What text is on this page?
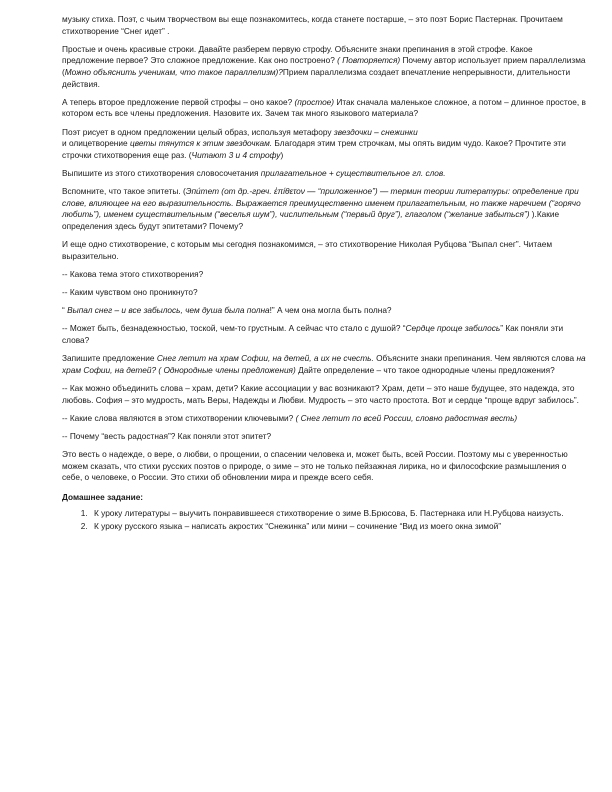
музыку стиха. Поэт, с чьим творчеством вы еще познакомитесь, когда станете постарше, – это поэт Борис Пастернак. Прочитаем стихотворение “Снег идет” .

Простые и очень красивые строки. Давайте разберем первую строфу. Объясните знаки препинания в этой строфе. Какое предложение первое? Это сложное предложение. Как оно построено? ( Повторяется) Почему автор использует прием параллелизма (Можно объяснить ученикам, что такое параллелизм)?Прием параллелизма создает впечатление непрерывности, длительности действия.

А теперь второе предложение первой строфы – оно какое? (простое) Итак сначала маленькое сложное, а потом – длинное простое, в котором есть все члены предложения. Назовите их. Зачем так много языкового материала?

Поэт рисует в одном предложении целый образ, используя метафору звездочки – снежинки
и олицетворение цветы тянутся к этим звездочкам. Благодаря этим трем строчкам, мы опять видим чудо. Какое? Прочтите эти строчки стихотворения еще раз. (Читают 3 и 4 строфу)

Выпишите из этого стихотворения словосочетания прилагательное + существительное гл. слов.

Вспомните, что такое эпитеты. (Эпи́тет (от др.-греч. ἐπίθετον — “приложенное”) — термин теории литературы: определение при слове, влияющее на его выразительность. Выражается преимущественно именем прилагательным, но также наречием (“горячо любить”), именем существительным (“веселья шум”), числительным (“первый друг”), глаголом (“желание забыться”) ).Какие определения здесь будут эпитетами? Почему?

И еще одно стихотворение, с которым мы сегодня познакомимся, – это стихотворение Николая Рубцова “Выпал снег”. Читаем выразительно.

-- Какова тема этого стихотворения?

-- Каким чувством оно проникнуто?

“ Выпал снег – и все забылось, чем душа была полна!” А чем она могла быть полна?

-- Может быть, безнадежностью, тоской, чем-то грустным. А сейчас что стало с душой? “Сердце проще забилось” Как поняли эти слова?

Запишите предложение Снег летит на храм Софии, на детей, а их не счесть. Объясните знаки препинания. Чем являются слова на храм Софии, на детей? ( Однородные члены предложения) Дайте определение – что такое однородные члены предложения?

-- Как можно объединить слова – храм, дети? Какие ассоциации у вас возникают? Храм, дети – это наше будущее, это надежда, это любовь. София – это мудрость, мать Веры, Надежды и Любви. Мудрость – это часто простота. Вот и сердце “проще вдруг забилось”.

-- Какие слова являются в этом стихотворении ключевыми? ( Снег летит по всей России, словно радостная весть)

-- Почему “весть радостная”? Как поняли этот эпитет?

Это весть о надежде, о вере, о любви, о прощении, о спасении человека и, может быть, всей России. Поэтому мы с уверенностью можем сказать, что стихи русских поэтов о природе, о зиме – это не только пейзажная лирика, но и философские размышления о себе, о человеке, о России. Это стихи об обновлении мира и прежде всего себя.

Домашнее задание:

1. К уроку литературы – выучить понравившееся стихотворение о зиме В.Брюсова, Б. Пастернака или Н.Рубцова наизусть.
2. К уроку русского языка – написать акростих “Снежинка” или мини – сочинение “Вид из моего окна зимой”
